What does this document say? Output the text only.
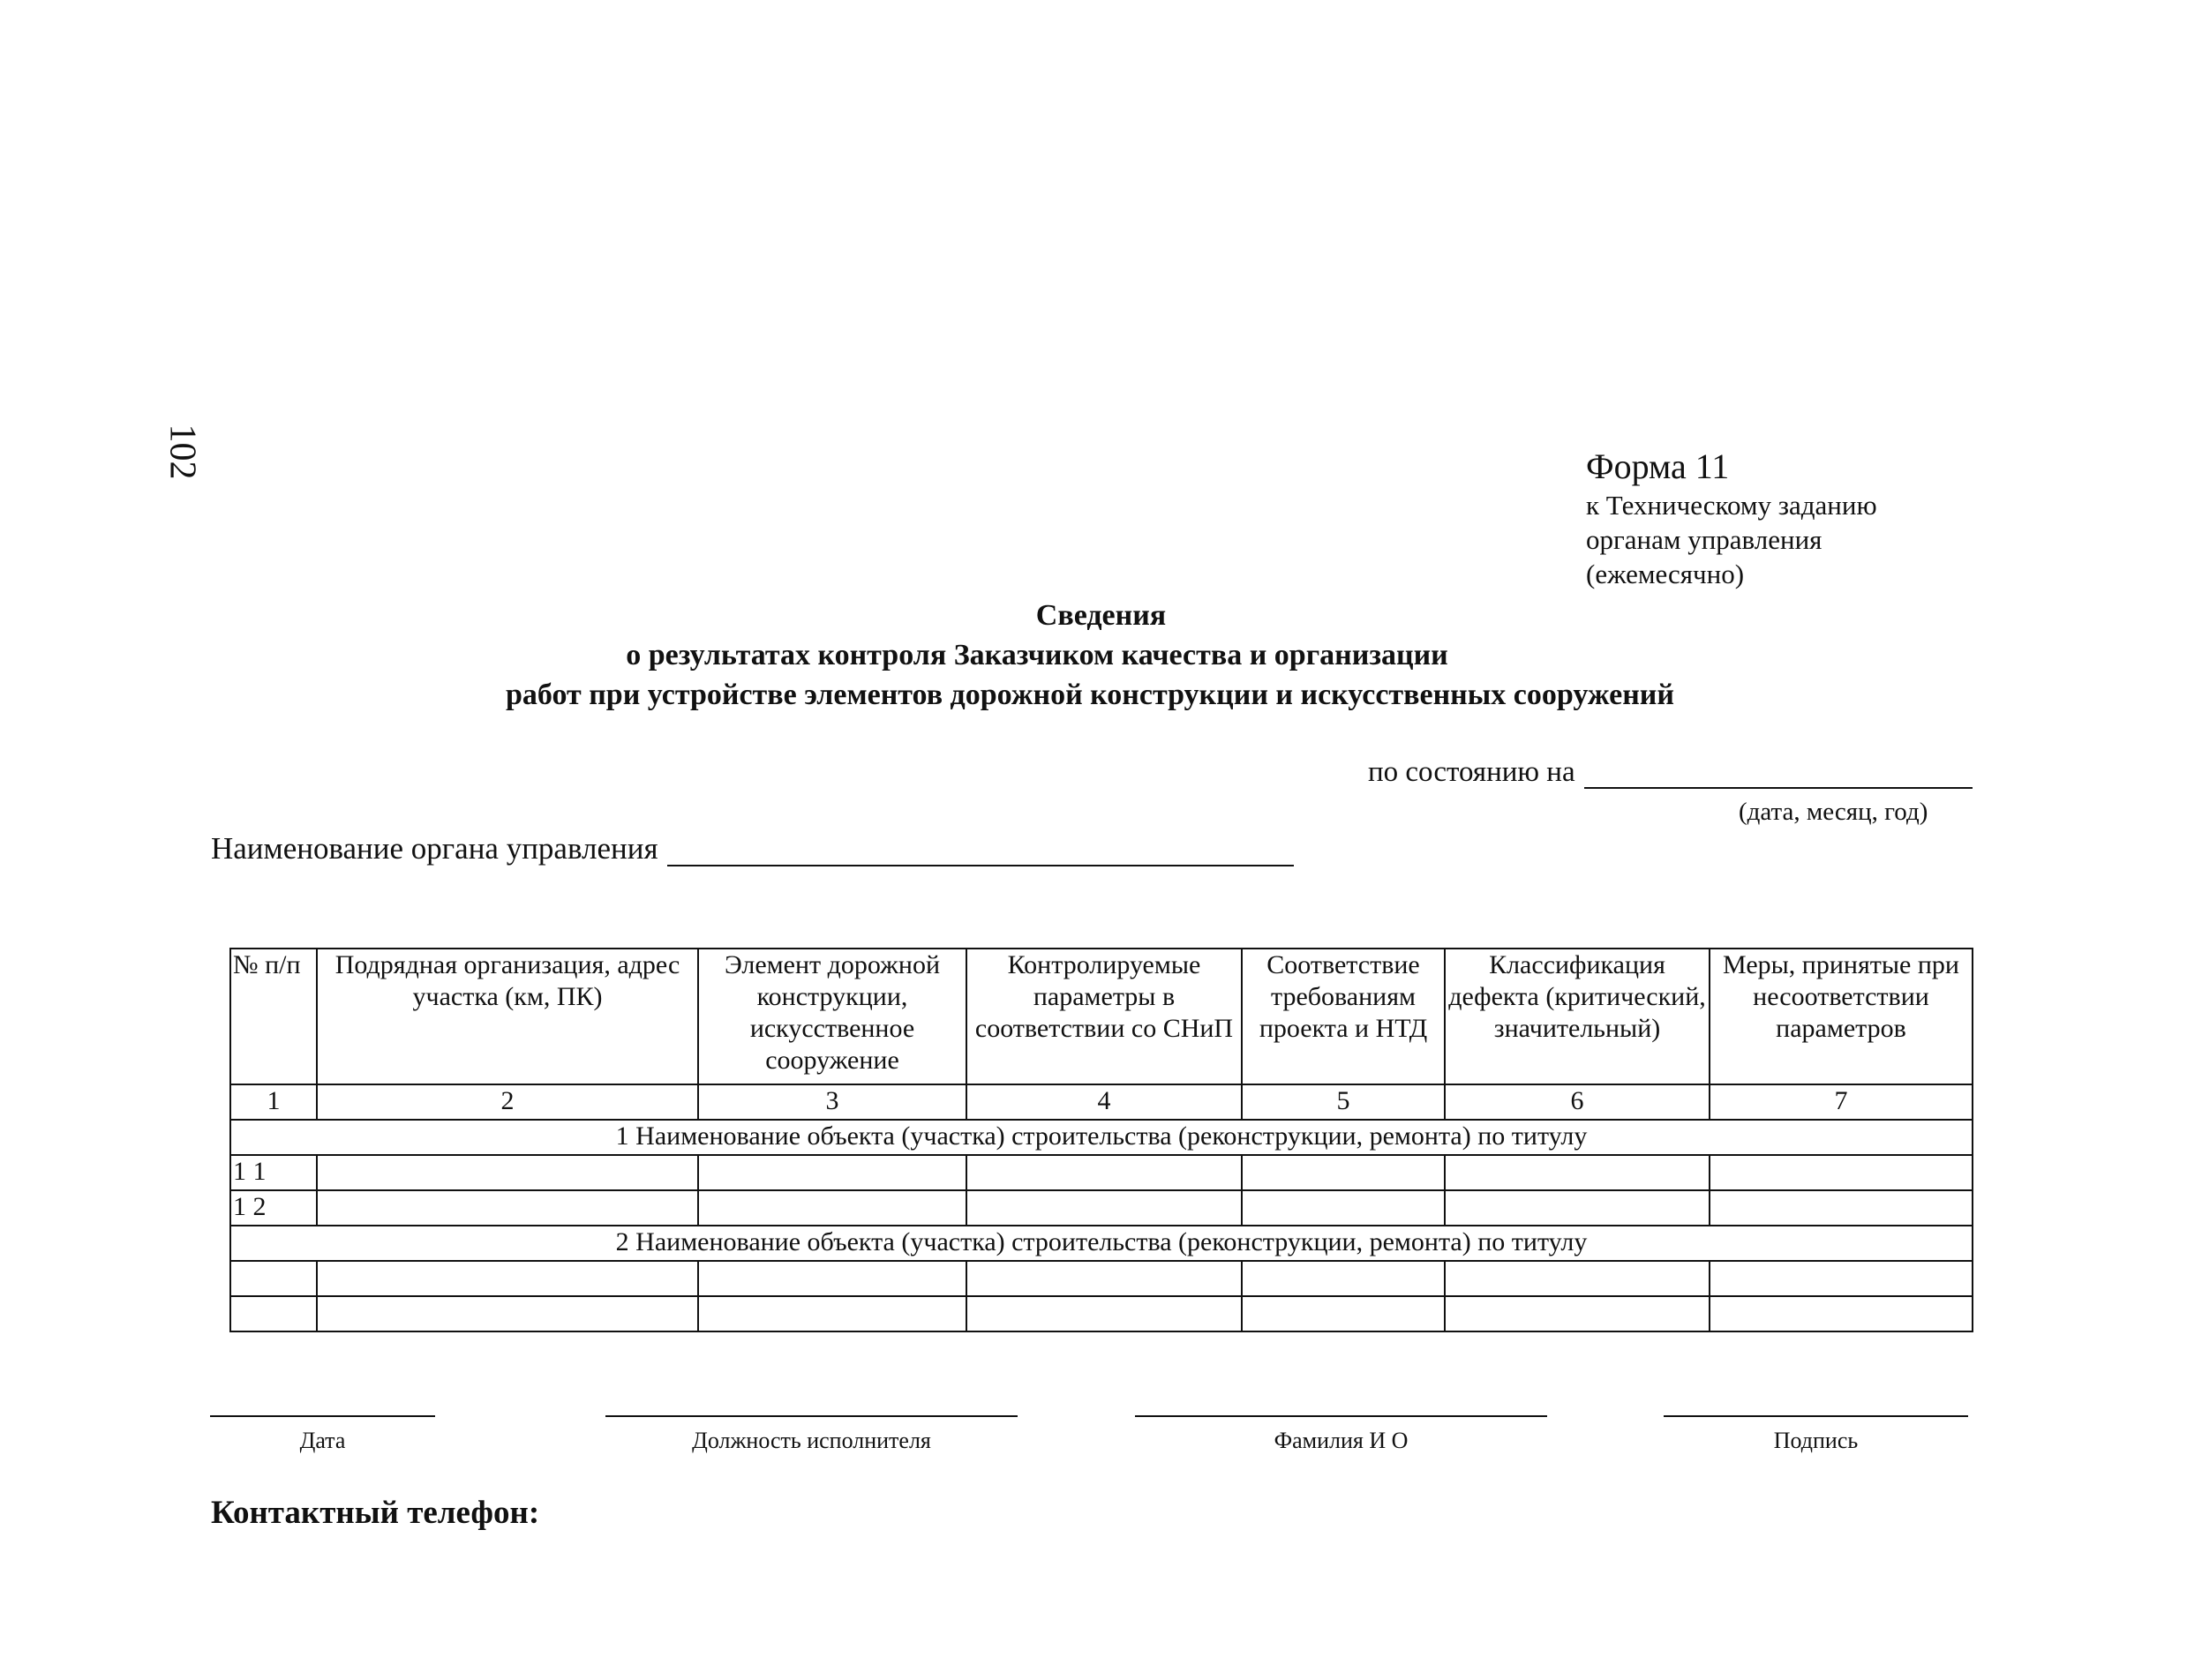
102	Форма 11
к Техническому заданию
органам управления
(ежемесячно)
Сведения
о результатах контроля Заказчиком качества и организации
работ при устройстве элементов дорожной конструкции и искусственных сооружений
по состоянию на
(дата, месяц, год)
Наименование органа управления
№ п/п	Подрядная организация, адрес участка (км, ПК)	Элемент дорожной конструкции, искусственное сооружение	Контролируемые параметры в соответствии со СНиП	Соответствие требованиям проекта и НТД	Классификация дефекта (критический, значительный)	Меры, принятые при несоответствии параметров
1	2	3	4	5	6	7
1 Наименование объекта (участка) строительства (реконструкции, ремонта) по титулу						
1 1						
1 2						
2 Наименование объекта (участка) строительства (реконструкции, ремонта) по титулу						

Дата	Должность исполнителя	Фамилия И О	Подпись
Контактный телефон:
